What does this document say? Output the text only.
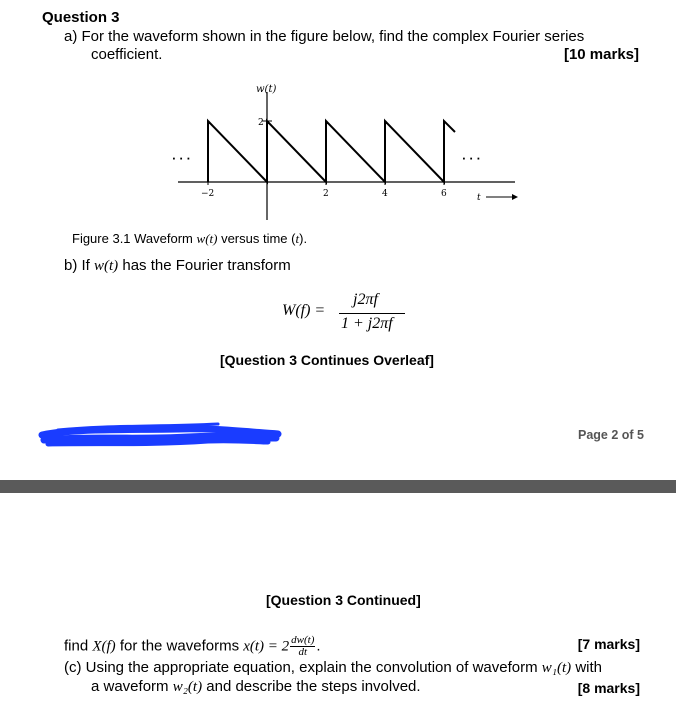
Question 3
a) For the waveform shown in the figure below, find the complex Fourier series
coefficient.	[10 marks]
w(t)
2
−2	2	4	6
· · ·	· · ·
t
Figure 3.1 Waveform w(t) versus time (t).
b) If w(t) has the Fourier transform
W(f) =
j2πf
1 + j2πf
[Question 3 Continues Overleaf]
Page 2 of 5
[Question 3 Continued]
find X(f) for the waveforms $x(t) = 2 \frac{dw(t)}{dt}$ .	[7 marks]
(c) Using the appropriate equation, explain the convolution of waveform w₁(t) with
a waveform w₂(t) and describe the steps involved.	[8 marks]
